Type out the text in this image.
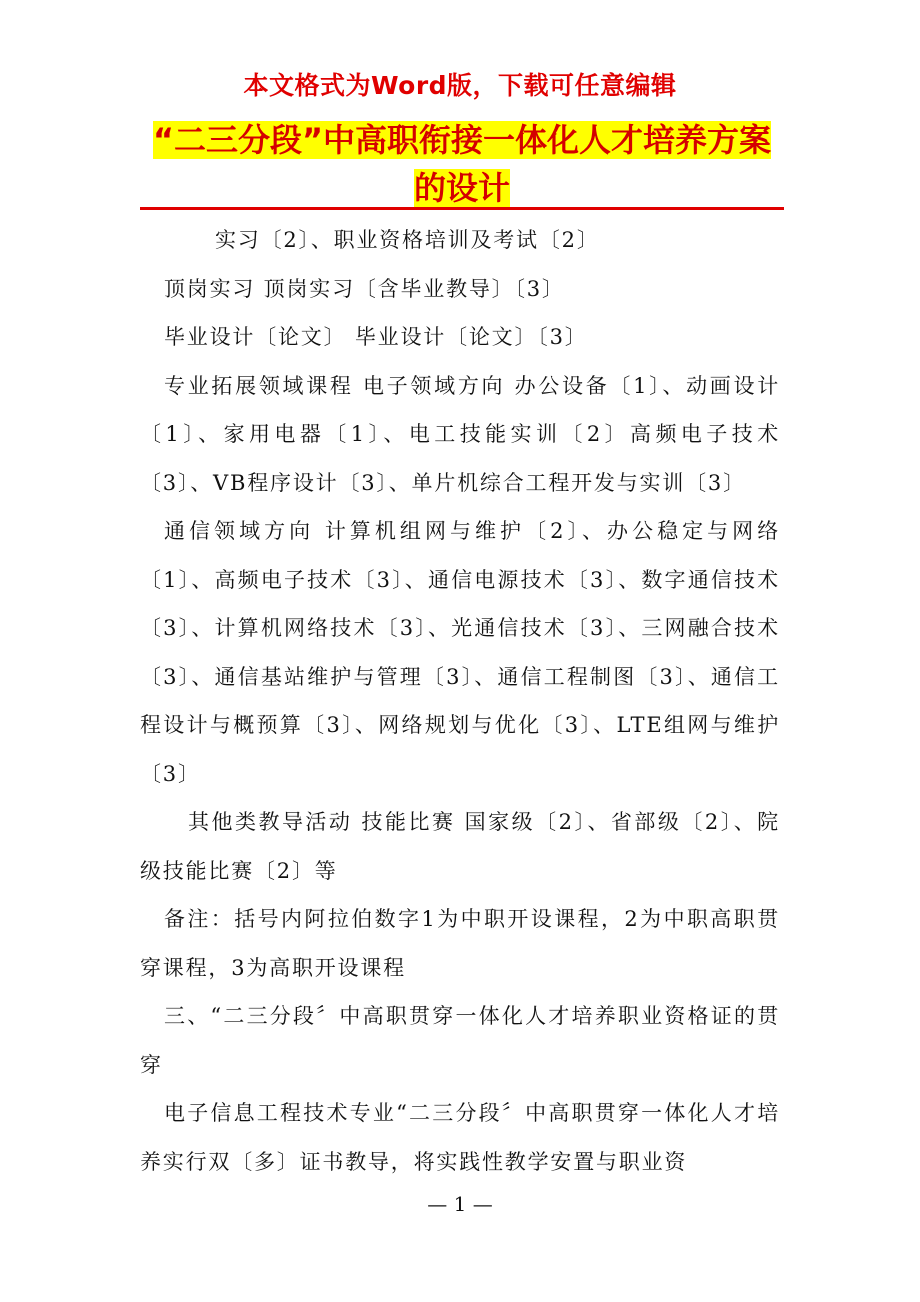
本文格式为Word版，下载可任意编辑
“二三分段”中高职衔接一体化人才培养方案的设计

实习〔2〕、职业资格培训及考试〔2〕

顶岗实习 顶岗实习〔含毕业教导〕〔3〕

毕业设计〔论文〕 毕业设计〔论文〕〔3〕

专业拓展领域课程 电子领域方向 办公设备〔1〕、动画设计〔1〕、家用电器〔1〕、电工技能实训〔2〕高频电子技术〔3〕、VB程序设计〔3〕、单片机综合工程开发与实训〔3〕

通信领域方向 计算机组网与维护〔2〕、办公稳定与网络〔1〕、高频电子技术〔3〕、通信电源技术〔3〕、数字通信技术〔3〕、计算机网络技术〔3〕、光通信技术〔3〕、三网融合技术〔3〕、通信基站维护与管理〔3〕、通信工程制图〔3〕、通信工程设计与概预算〔3〕、网络规划与优化〔3〕、LTE组网与维护〔3〕

其他类教导活动 技能比赛 国家级〔2〕、省部级〔2〕、院级技能比赛〔2〕等

备注：括号内阿拉伯数字1为中职开设课程，2为中职高职贯穿课程，3为高职开设课程

三、“二三分段〞中高职贯穿一体化人才培养职业资格证的贯穿

电子信息工程技术专业“二三分段〞中高职贯穿一体化人才培养实行双〔多〕证书教导，将实践性教学安置与职业资

— 1 —
